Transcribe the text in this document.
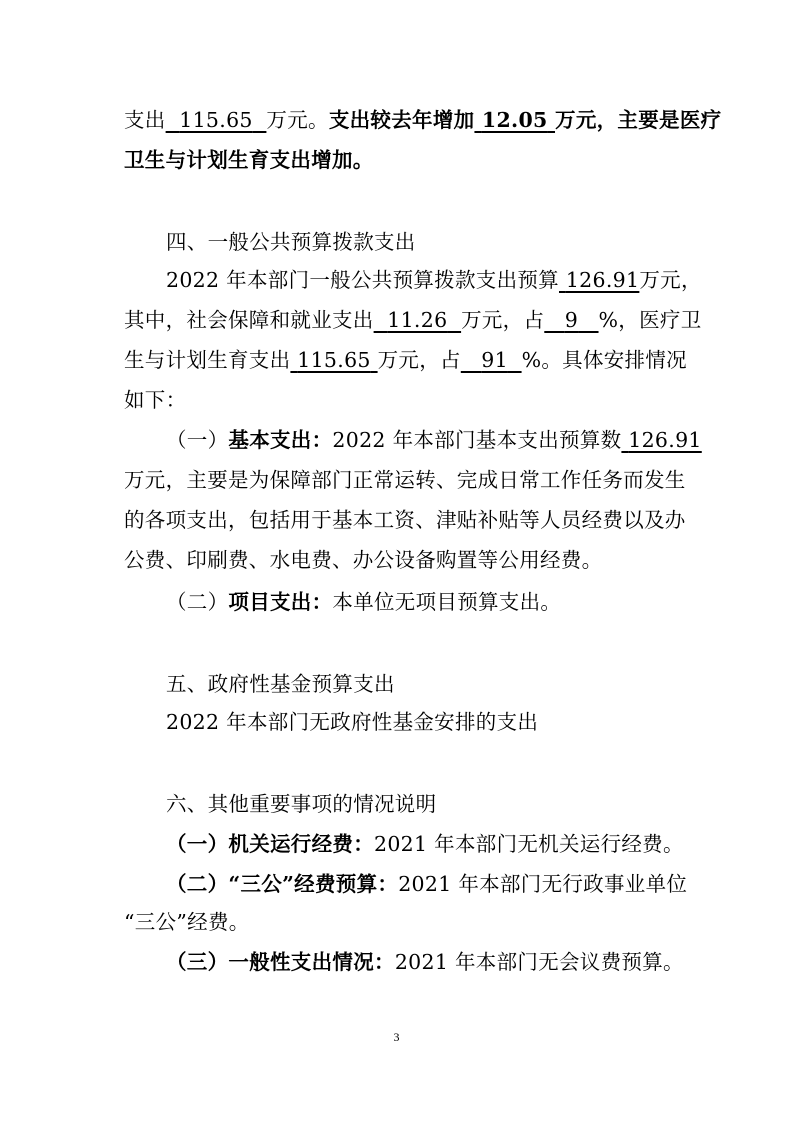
支出 115.65 万元。支出较去年增加 12.05 万元，主要是医疗
卫生与计划生育支出增加。
四、一般公共预算拨款支出
2022 年本部门一般公共预算拨款支出预算 126.91万元，
其中，社会保障和就业支出 11.26 万元，占 9 %，医疗卫
生与计划生育支出 115.65 万元，占 91 %。具体安排情况
如下：
（一）基本支出：2022 年本部门基本支出预算数 126.91
万元，主要是为保障部门正常运转、完成日常工作任务而发生
的各项支出，包括用于基本工资、津贴补贴等人员经费以及办
公费、印刷费、水电费、办公设备购置等公用经费。
（二）项目支出：本单位无项目预算支出。
五、政府性基金预算支出
2022 年本部门无政府性基金安排的支出
六、其他重要事项的情况说明
（一）机关运行经费：2021 年本部门无机关运行经费。
（二）“三公”经费预算：2021 年本部门无行政事业单位
“三公”经费。
（三）一般性支出情况：2021 年本部门无会议费预算。
3
